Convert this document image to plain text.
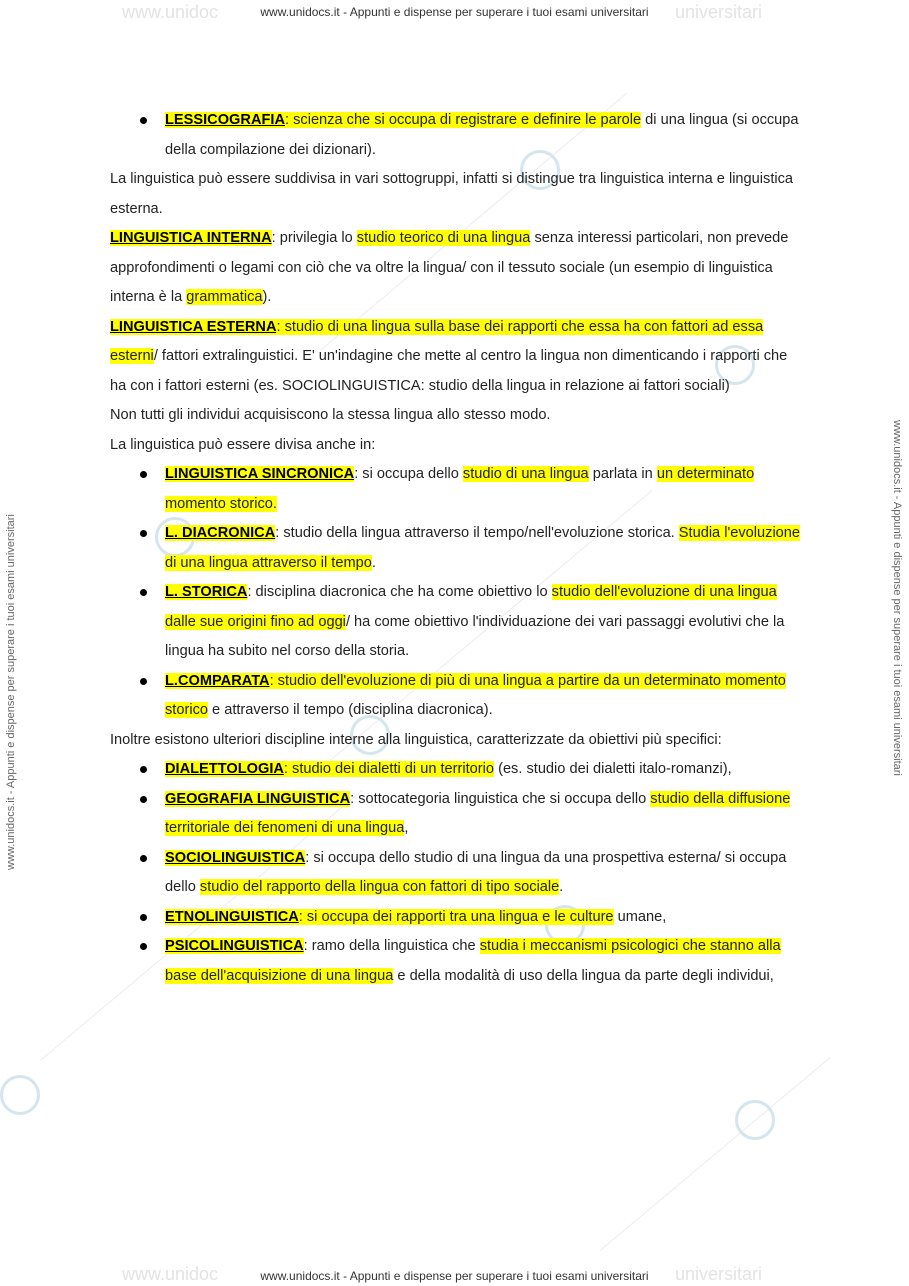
www.unidoc	universitari
www.unidoc	universitari
www.unidocs.it - Appunti e dispense per superare i tuoi esami universitari
www.unidocs.it - Appunti e dispense per superare i tuoi esami universitari
www.unidocs.it - Appunti e dispense per superare i tuoi esami universitari	www.unidocs.it - Appunti e dispense per superare i tuoi esami universitari
LESSICOGRAFIA: scienza che si occupa di registrare e definire le parole di una lingua (si occupa della compilazione dei dizionari).

La linguistica può essere suddivisa in vari sottogruppi, infatti si distingue tra linguistica interna e linguistica esterna.

LINGUISTICA INTERNA: privilegia lo studio teorico di una lingua senza interessi particolari, non prevede approfondimenti o legami con ciò che va oltre la lingua/ con il tessuto sociale (un esempio di linguistica interna è la grammatica).

LINGUISTICA ESTERNA: studio di una lingua sulla base dei rapporti che essa ha con fattori ad essa esterni/ fattori extralinguistici. E' un'indagine che mette al centro la lingua non dimenticando i rapporti che ha con i fattori esterni (es. SOCIOLINGUISTICA: studio della lingua in relazione ai fattori sociali)

Non tutti gli individui acquisiscono la stessa lingua allo stesso modo.

La linguistica può essere divisa anche in:

LINGUISTICA SINCRONICA: si occupa dello studio di una lingua parlata in un determinato momento storico.
L. DIACRONICA: studio della lingua attraverso il tempo/nell'evoluzione storica. Studia l'evoluzione di una lingua attraverso il tempo.
L. STORICA: disciplina diacronica che ha come obiettivo lo studio dell'evoluzione di una lingua dalle sue origini fino ad oggi/ ha come obiettivo l'individuazione dei vari passaggi evolutivi che la lingua ha subito nel corso della storia.
L.COMPARATA: studio dell'evoluzione di più di una lingua a partire da un determinato momento storico e attraverso il tempo (disciplina diacronica).

Inoltre esistono ulteriori discipline interne alla linguistica, caratterizzate da obiettivi più specifici:

DIALETTOLOGIA: studio dei dialetti di un territorio (es. studio dei dialetti italo-romanzi),
GEOGRAFIA LINGUISTICA: sottocategoria linguistica che si occupa dello studio della diffusione territoriale dei fenomeni di una lingua,
SOCIOLINGUISTICA: si occupa dello studio di una lingua da una prospettiva esterna/ si occupa dello studio del rapporto della lingua con fattori di tipo sociale.
ETNOLINGUISTICA: si occupa dei rapporti tra una lingua e le culture umane,
PSICOLINGUISTICA: ramo della linguistica che studia i meccanismi psicologici che stanno alla base dell'acquisizione di una lingua e della modalità di uso della lingua da parte degli individui,
